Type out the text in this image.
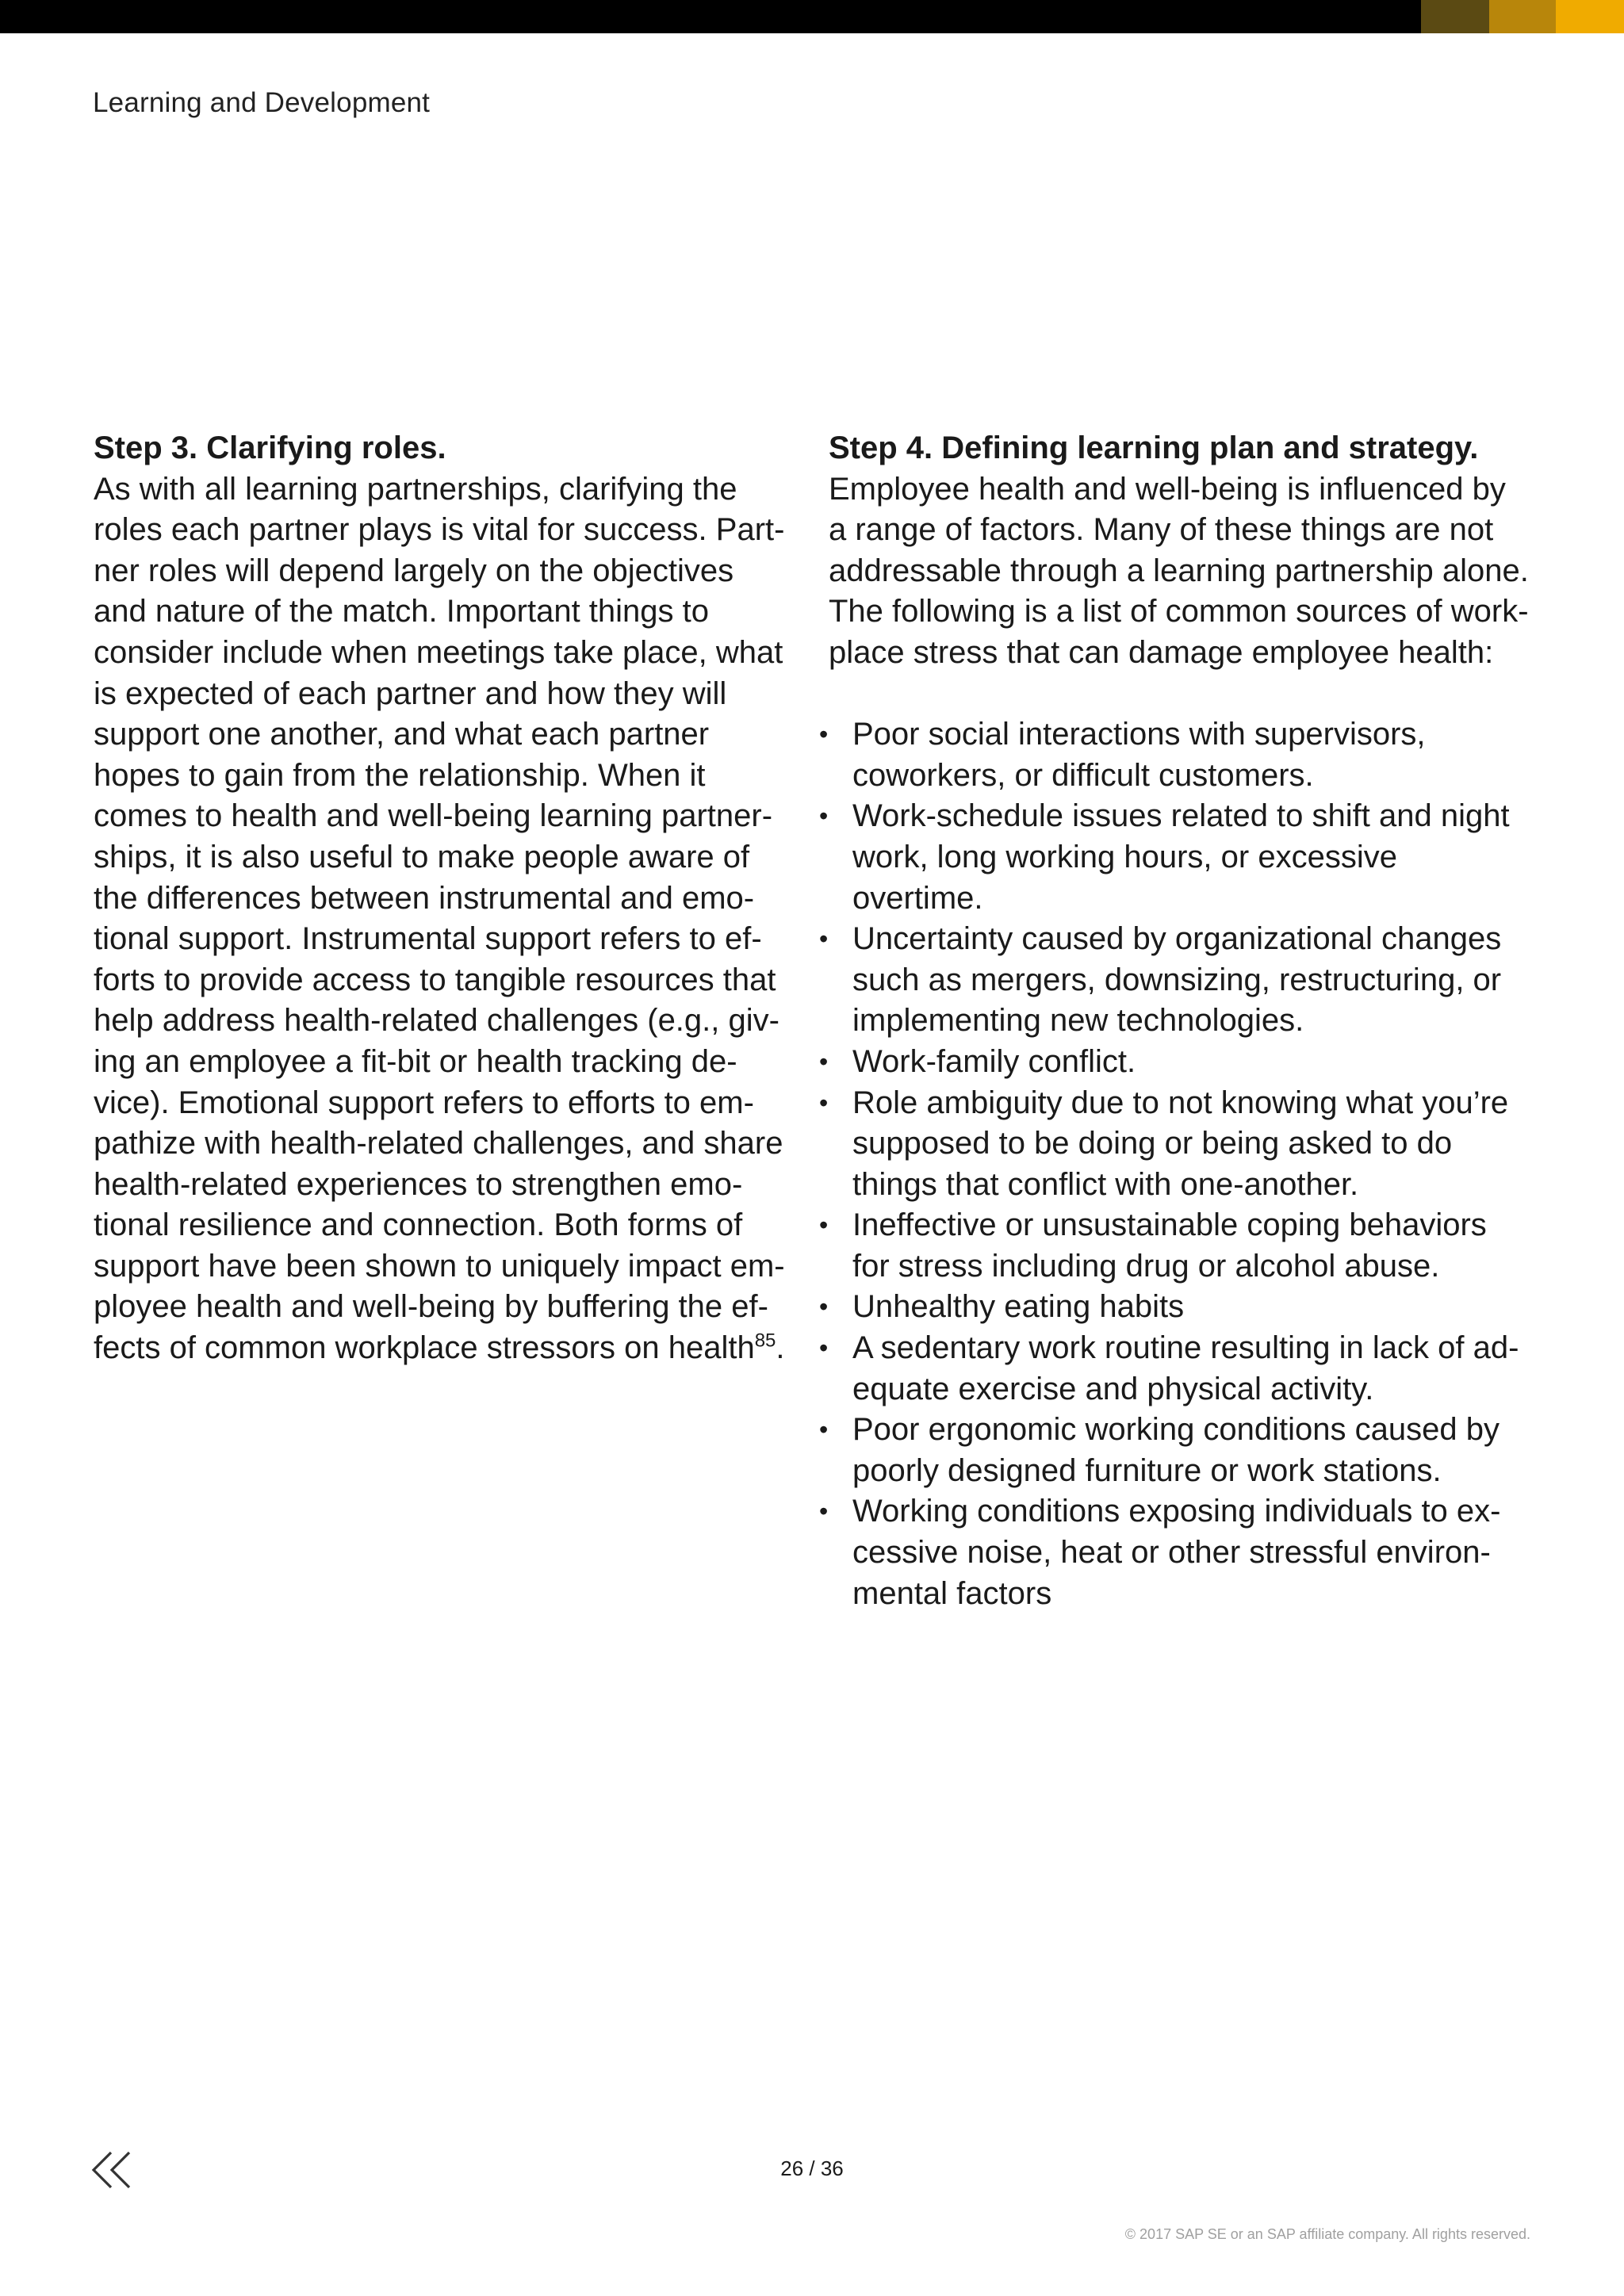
Learning and Development
Step 3. Clarifying roles.
As with all learning partnerships, clarifying the
roles each partner plays is vital for success. Part-
ner roles will depend largely on the objectives
and nature of the match. Important things to
consider include when meetings take place, what
is expected of each partner and how they will
support one another, and what each partner
hopes to gain from the relationship. When it
comes to health and well-being learning partner-
ships, it is also useful to make people aware of
the differences between instrumental and emo-
tional support. Instrumental support refers to ef-
forts to provide access to tangible resources that
help address health-related challenges (e.g., giv-
ing an employee a fit-bit or health tracking de-
vice). Emotional support refers to efforts to em-
pathize with health-related challenges, and share
health-related experiences to strengthen emo-
tional resilience and connection. Both forms of
support have been shown to uniquely impact em-
ployee health and well-being by buffering the ef-
fects of common workplace stressors on health$^{85}$.
Step 4. Defining learning plan and strategy.
Employee health and well-being is influenced by
a range of factors. Many of these things are not
addressable through a learning partnership alone.
The following is a list of common sources of work-
place stress that can damage employee health:
• Poor social interactions with supervisors,
coworkers, or difficult customers.
• Work-schedule issues related to shift and night
work, long working hours, or excessive
overtime.
• Uncertainty caused by organizational changes
such as mergers, downsizing, restructuring, or
implementing new technologies.
• Work-family conflict.
• Role ambiguity due to not knowing what you’re
supposed to be doing or being asked to do
things that conflict with one-another.
• Ineffective or unsustainable coping behaviors
for stress including drug or alcohol abuse.
• Unhealthy eating habits
• A sedentary work routine resulting in lack of ad-
equate exercise and physical activity.
• Poor ergonomic working conditions caused by
poorly designed furniture or work stations.
• Working conditions exposing individuals to ex-
cessive noise, heat or other stressful environ-
mental factors
26 / 36
© 2017 SAP SE or an SAP affiliate company. All rights reserved.
